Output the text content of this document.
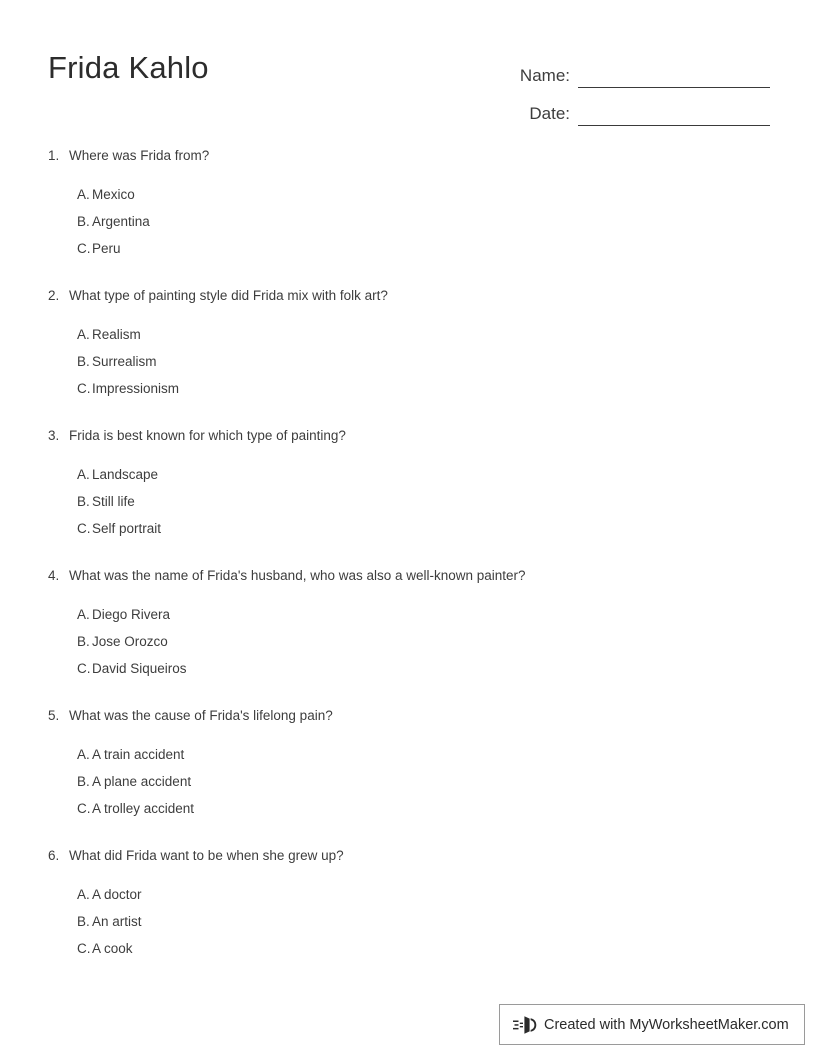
Frida Kahlo	Name:
Date:
1. Where was Frida from?
A. Mexico
B. Argentina
C. Peru
2. What type of painting style did Frida mix with folk art?
A. Realism
B. Surrealism
C. Impressionism
3. Frida is best known for which type of painting?
A. Landscape
B. Still life
C. Self portrait
4. What was the name of Frida's husband, who was also a well-known painter?
A. Diego Rivera
B. Jose Orozco
C. David Siqueiros
5. What was the cause of Frida's lifelong pain?
A. A train accident
B. A plane accident
C. A trolley accident
6. What did Frida want to be when she grew up?
A. A doctor
B. An artist
C. A cook
Created with MyWorksheetMaker.com
